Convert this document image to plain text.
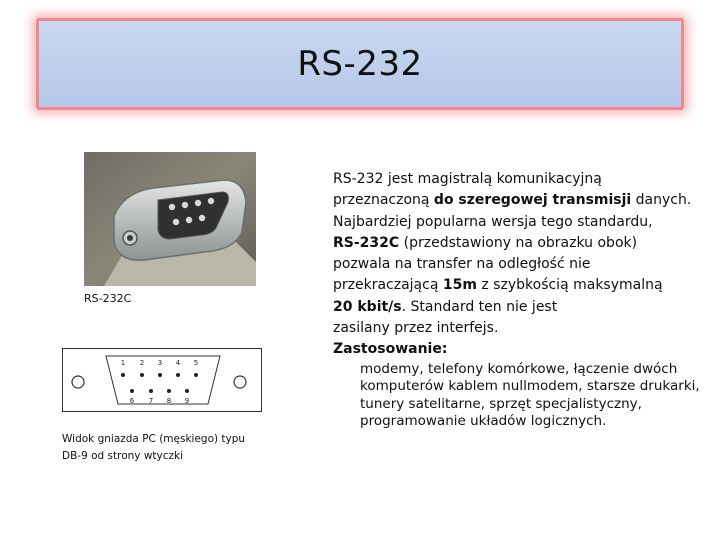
RS-232
RS-232C
1 2 3 4 5
6 7 8 9
Widok gniazda PC (męskiego) typu DB-9 od strony wtyczki
RS-232 jest magistralą komunikacyjną
przeznaczoną do szeregowej transmisji danych.
Najbardziej popularna wersja tego standardu,
RS-232C (przedstawiony na obrazku obok)
pozwala na transfer na odległość nie
przekraczającą 15m z szybkością maksymalną
20 kbit/s. Standard ten nie jest
zasilany przez interfejs.
Zastosowanie:
modemy, telefony komórkowe, łączenie dwóch komputerów kablem nullmodem, starsze drukarki, tunery satelitarne, sprzęt specjalistyczny, programowanie układów logicznych.
